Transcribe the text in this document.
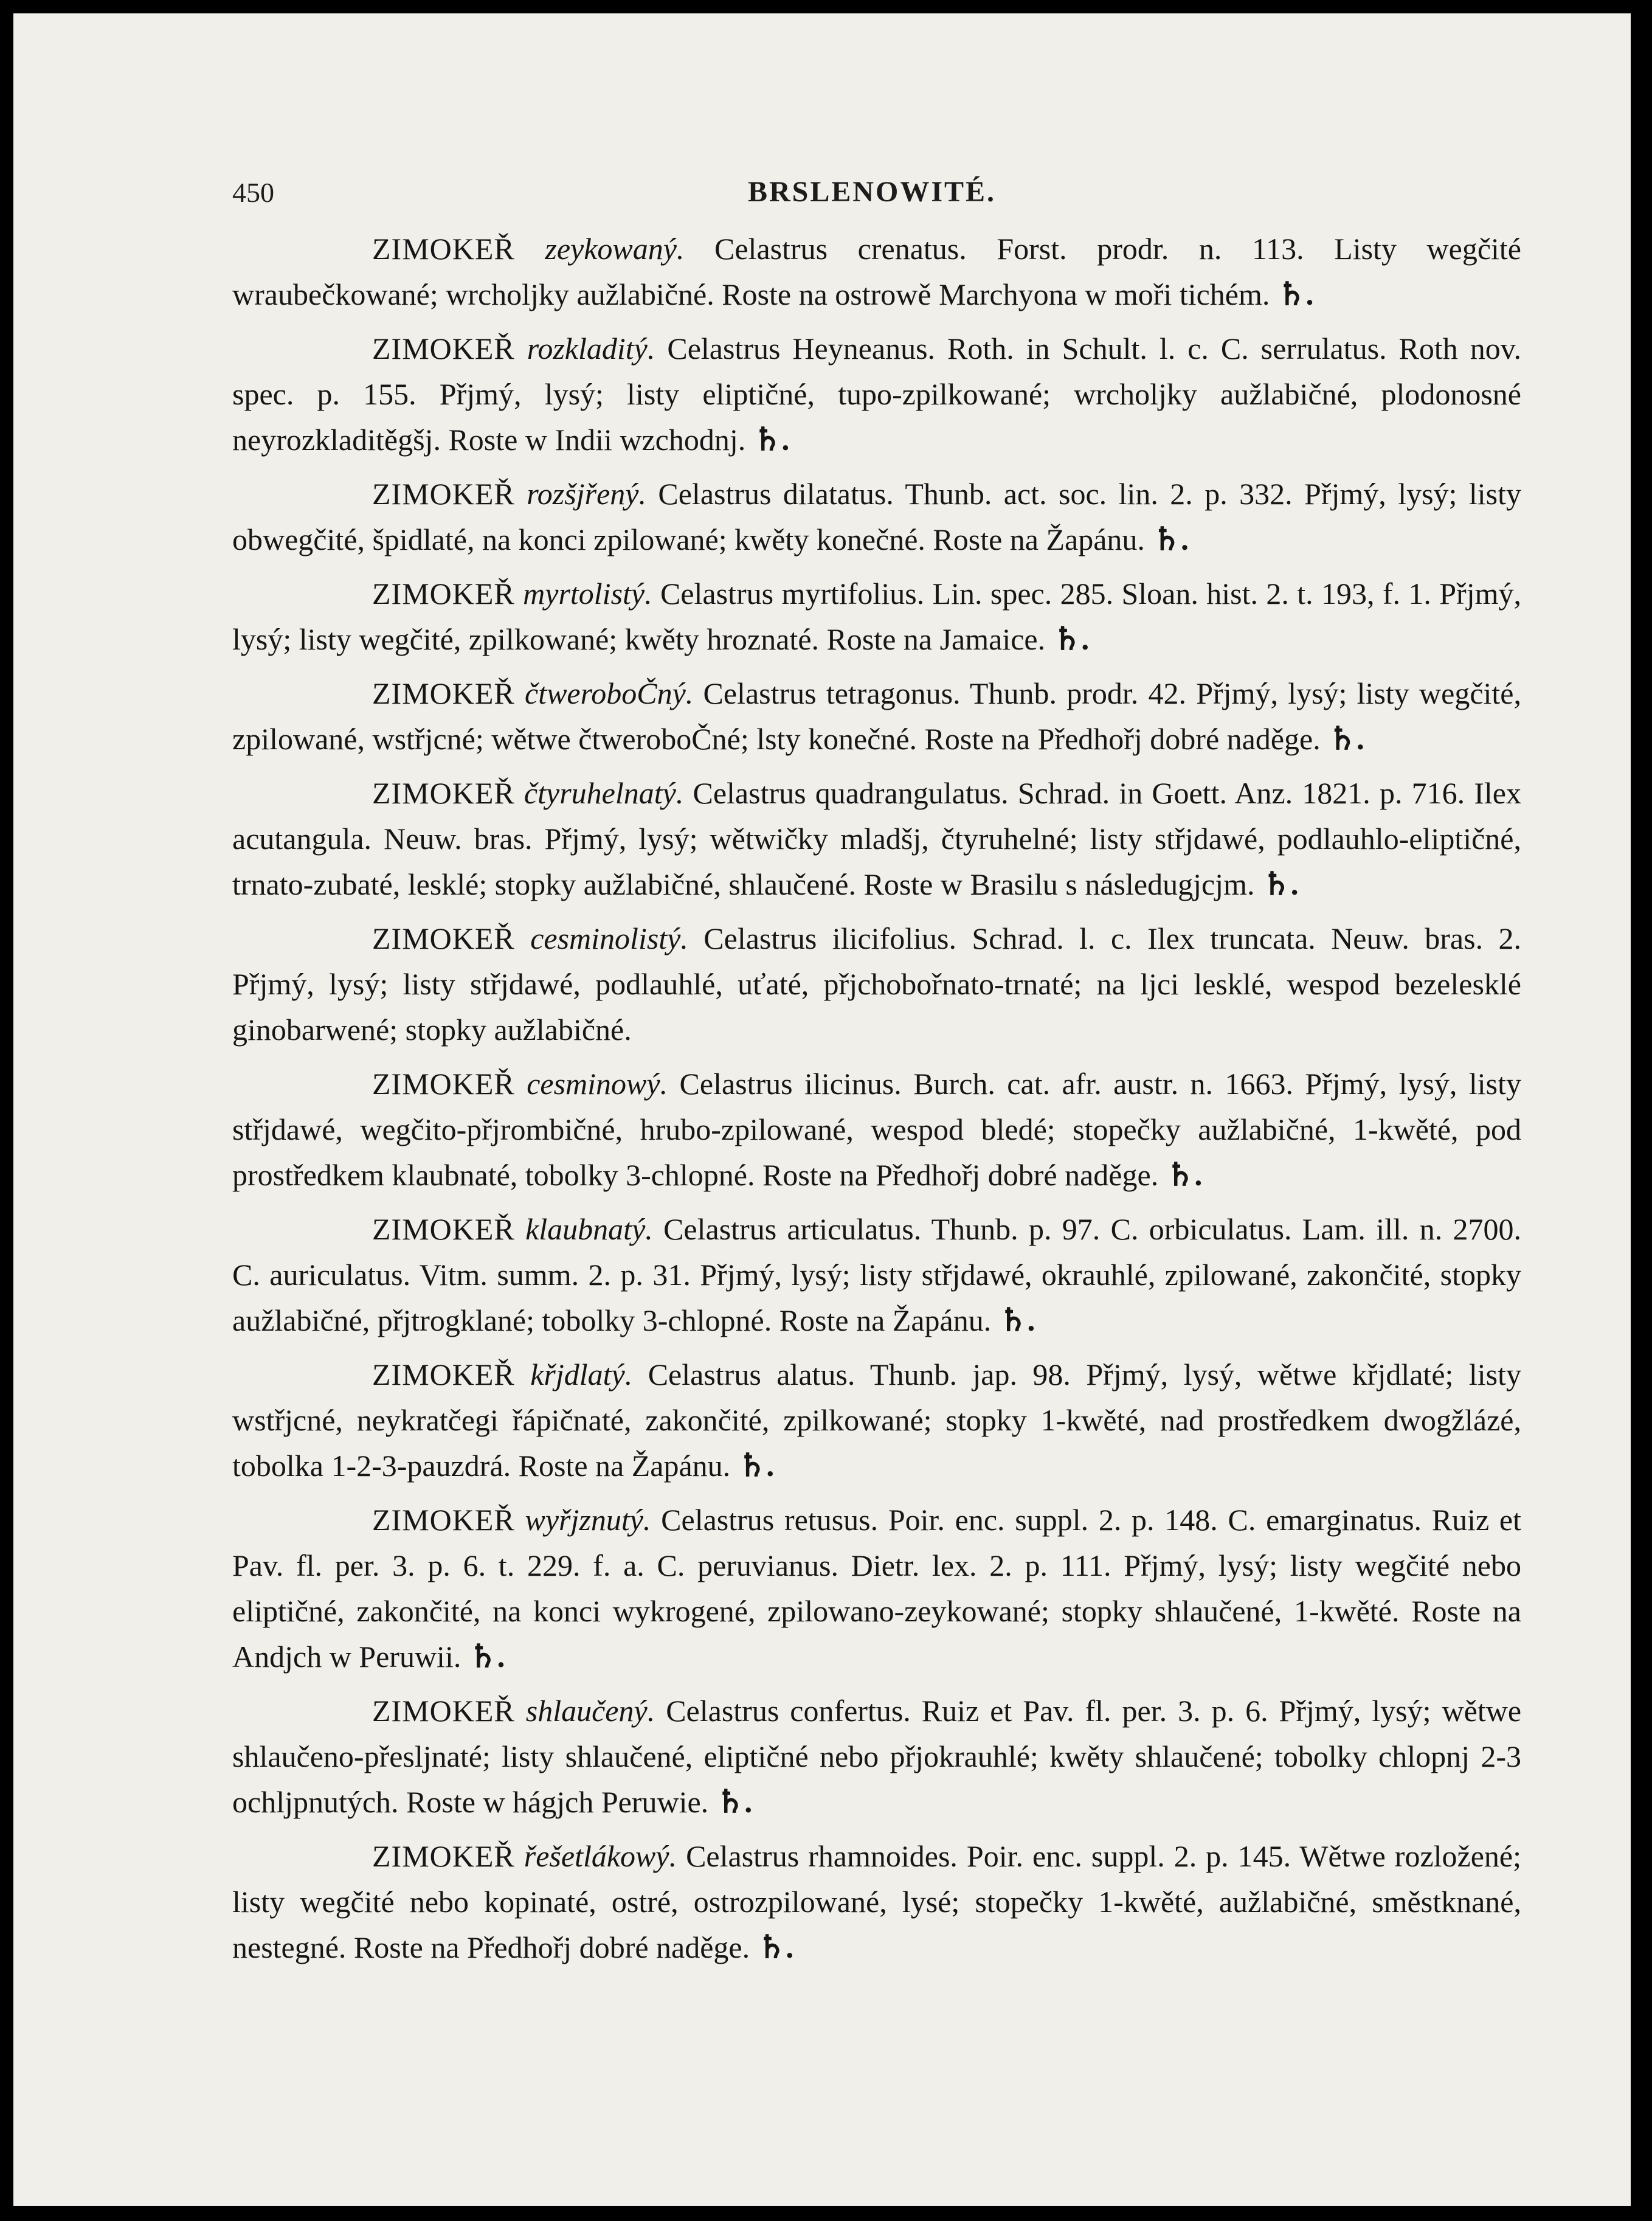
450	BRSLENOWITÉ.

ZIMOKEŘ zeykowaný. Celastrus crenatus. Forst. prodr. n. 113. Listy wegčité wraubečkowané; wrcholjky aužlabičné. Roste na ostrowě Marchyona w moři tichém. ♄.

ZIMOKEŘ rozkladitý. Celastrus Heyneanus. Roth. in Schult. l. c. C. serrulatus. Roth nov. spec. p. 155. Přjmý, lysý; listy eliptičné, tupo-zpilkowané; wrcholjky aužlabičné, plodonosné neyrozkladitěgšj. Roste w Indii wzchodnj. ♄.

ZIMOKEŘ rozšjřený. Celastrus dilatatus. Thunb. act. soc. lin. 2. p. 332. Přjmý, lysý; listy obwegčité, špidlaté, na konci zpilowané; kwěty konečné. Roste na Žapánu. ♄.

ZIMOKEŘ myrtolistý. Celastrus myrtifolius. Lin. spec. 285. Sloan. hist. 2. t. 193, f. 1. Přjmý, lysý; listy wegčité, zpilkowané; kwěty hroznaté. Roste na Jamaice. ♄.

ZIMOKEŘ čtweroboČný. Celastrus tetragonus. Thunb. prodr. 42. Přjmý, lysý; listy wegčité, zpilowané, wstřjcné; wětwe čtweroboČné; lsty konečné. Roste na Předhořj dobré naděge. ♄.

ZIMOKEŘ čtyruhelnatý. Celastrus quadrangulatus. Schrad. in Goett. Anz. 1821. p. 716. Ilex acutangula. Neuw. bras. Přjmý, lysý; wětwičky mladšj, čtyruhelné; listy střjdawé, podlauhlo-eliptičné, trnato-zubaté, lesklé; stopky aužlabičné, shlaučené. Roste w Brasilu s následugjcjm. ♄.

ZIMOKEŘ cesminolistý. Celastrus ilicifolius. Schrad. l. c. Ilex truncata. Neuw. bras. 2. Přjmý, lysý; listy střjdawé, podlauhlé, uťaté, přjchobořnato-trnaté; na ljci lesklé, wespod bezelesklé ginobarwené; stopky aužlabičné.

ZIMOKEŘ cesminowý. Celastrus ilicinus. Burch. cat. afr. austr. n. 1663. Přjmý, lysý, listy střjdawé, wegčito-přjrombičné, hrubo-zpilowané, wespod bledé; stopečky aužlabičné, 1-kwěté, pod prostředkem klaubnaté, tobolky 3-chlopné. Roste na Předhořj dobré naděge. ♄.

ZIMOKEŘ klaubnatý. Celastrus articulatus. Thunb. p. 97. C. orbiculatus. Lam. ill. n. 2700. C. auriculatus. Vitm. summ. 2. p. 31. Přjmý, lysý; listy střjdawé, okrauhlé, zpilowané, zakončité, stopky aužlabičné, přjtrogklané; tobolky 3-chlopné. Roste na Žapánu. ♄.

ZIMOKEŘ křjdlatý. Celastrus alatus. Thunb. jap. 98. Přjmý, lysý, wětwe křjdlaté; listy wstřjcné, neykratčegi řápičnaté, zakončité, zpilkowané; stopky 1-kwěté, nad prostředkem dwogžlázé, tobolka 1-2-3-pauzdrá. Roste na Žapánu. ♄.

ZIMOKEŘ wyřjznutý. Celastrus retusus. Poir. enc. suppl. 2. p. 148. C. emarginatus. Ruiz et Pav. fl. per. 3. p. 6. t. 229. f. a. C. peruvianus. Dietr. lex. 2. p. 111. Přjmý, lysý; listy wegčité nebo eliptičné, zakončité, na konci wykrogené, zpilowano-zeykowané; stopky shlaučené, 1-kwěté. Roste na Andjch w Peruwii. ♄.

ZIMOKEŘ shlaučený. Celastrus confertus. Ruiz et Pav. fl. per. 3. p. 6. Přjmý, lysý; wětwe shlaučeno-přesljnaté; listy shlaučené, eliptičné nebo přjokrauhlé; kwěty shlaučené; tobolky chlopnj 2-3 ochljpnutých. Roste w hágjch Peruwie. ♄.

ZIMOKEŘ řešetlákowý. Celastrus rhamnoides. Poir. enc. suppl. 2. p. 145. Wětwe rozložené; listy wegčité nebo kopinaté, ostré, ostrozpilowané, lysé; stopečky 1-kwěté, aužlabičné, směstknané, nestegné. Roste na Předhořj dobré naděge. ♄.
